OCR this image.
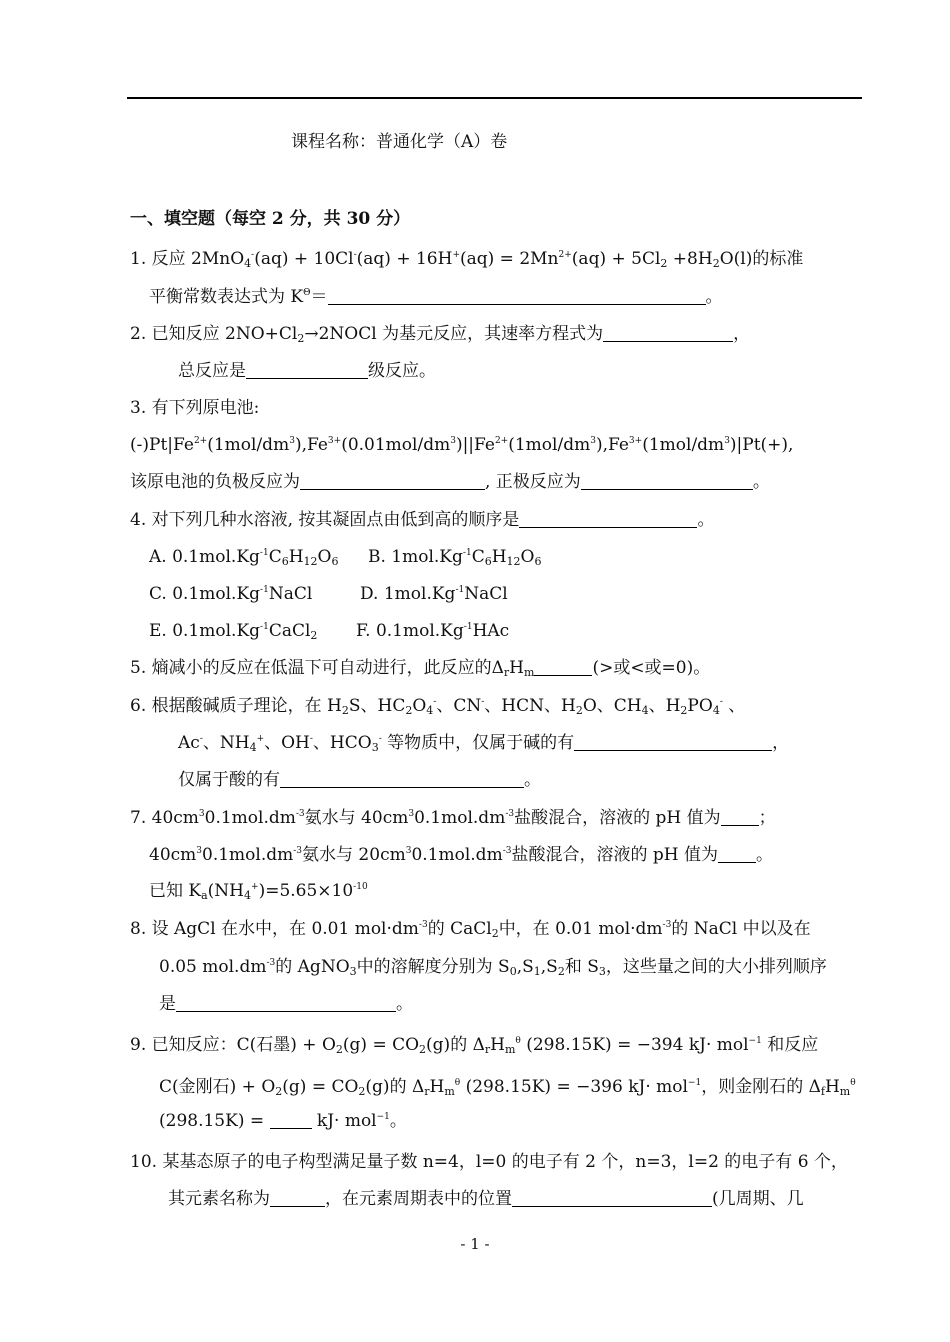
课程名称：普通化学（A）卷
一、填空题（每空 2 分，共 30 分）
1. 反应 $2MnO_4^-(aq) + 10Cl^-(aq) + 16H^+(aq) = 2Mn^{2+}(aq) + 5Cl_2 +8H_2O(l)$的标准
平衡常数表达式为 $K^\Theta=$	。
2. 已知反应 $2NO+Cl_2\to 2NOCl$ 为基元反应，其速率方程式为	，
总反应是	级反应。
3. 有下列原电池:
$(-)Pt|Fe^{2+}(1mol/dm^3),Fe^{3+}(0.01mol/dm^3)||Fe^{2+}(1mol/dm^3),Fe^{3+}(1mol/dm^3)|Pt(+)$,
该原电池的负极反应为	, 正极反应为	。
4. 对下列几种水溶液, 按其凝固点由低到高的顺序是	。
A. $0.1mol.Kg^{-1}C_6H_{12}O_6$ B. $1mol.Kg^{-1}C_6H_{12}O_6$
C. $0.1mol.Kg^{-1}NaCl$	D. $1mol.Kg^{-1}NaCl$
E. $0.1mol.Kg^{-1}CaCl_2$ F. $0.1mol.Kg^{-1}HAc$
5. 熵减小的反应在低温下可自动进行，此反应的$\Delta_rH_m$	(>或<或=0)。
6. 根据酸碱质子理论，在 $H_2S$、$HC_2O_4^-$、CN-、HCN、$H_2O$、$CH_4$、$H_2PO_4^-$ 、
Ac-、$NH_4^+$、OH-、$HCO_3^-$ 等物质中，仅属于碱的有	，
仅属于酸的有	。
7. $40cm^30.1mol.dm^{-3}$氨水与 $40cm^30.1mol.dm^{-3}$盐酸混合，溶液的 pH 值为 ；
$40cm^30.1mol.dm^{-3}$氨水与 $20cm^30.1mol.dm^{-3}$盐酸混合，溶液的 pH 值为 。
已知 $K_a(NH_4^+)=5.65\times 10^{-10}$
8. 设 AgCl 在水中，在 0.01 $mol\cdot dm^{-3}$的 CaCl$_2$中，在 0.01 $mol\cdot dm^{-3}$的 NaCl 中以及在
0.05 $mol.dm^{-3}$的 AgNO$_3$中的溶解度分别为 $S_0,S_1,S_2$和 $S_3$，这些量之间的大小排列顺序
是	。
9. 已知反应：C(石墨) + $O_2(g) = CO_2(g)$的 $\Delta_rH_m^\theta$ (298.15K) = −394 kJ· mol$^{-1}$ 和反应
C(金刚石) + $O_2(g) = CO_2(g)$的 $\Delta_rH_m^\theta$ (298.15K) = −396 kJ· mol$^{-1}$，则金刚石的 $\Delta_fH_m^\theta$
(298.15K) =  kJ· mol$^{-1}$。
10. 某基态原子的电子构型满足量子数 n=4，l=0 的电子有 2 个，n=3，l=2 的电子有 6 个，
其元素名称为	，在元素周期表中的位置	(几周期、几
- 1 -
